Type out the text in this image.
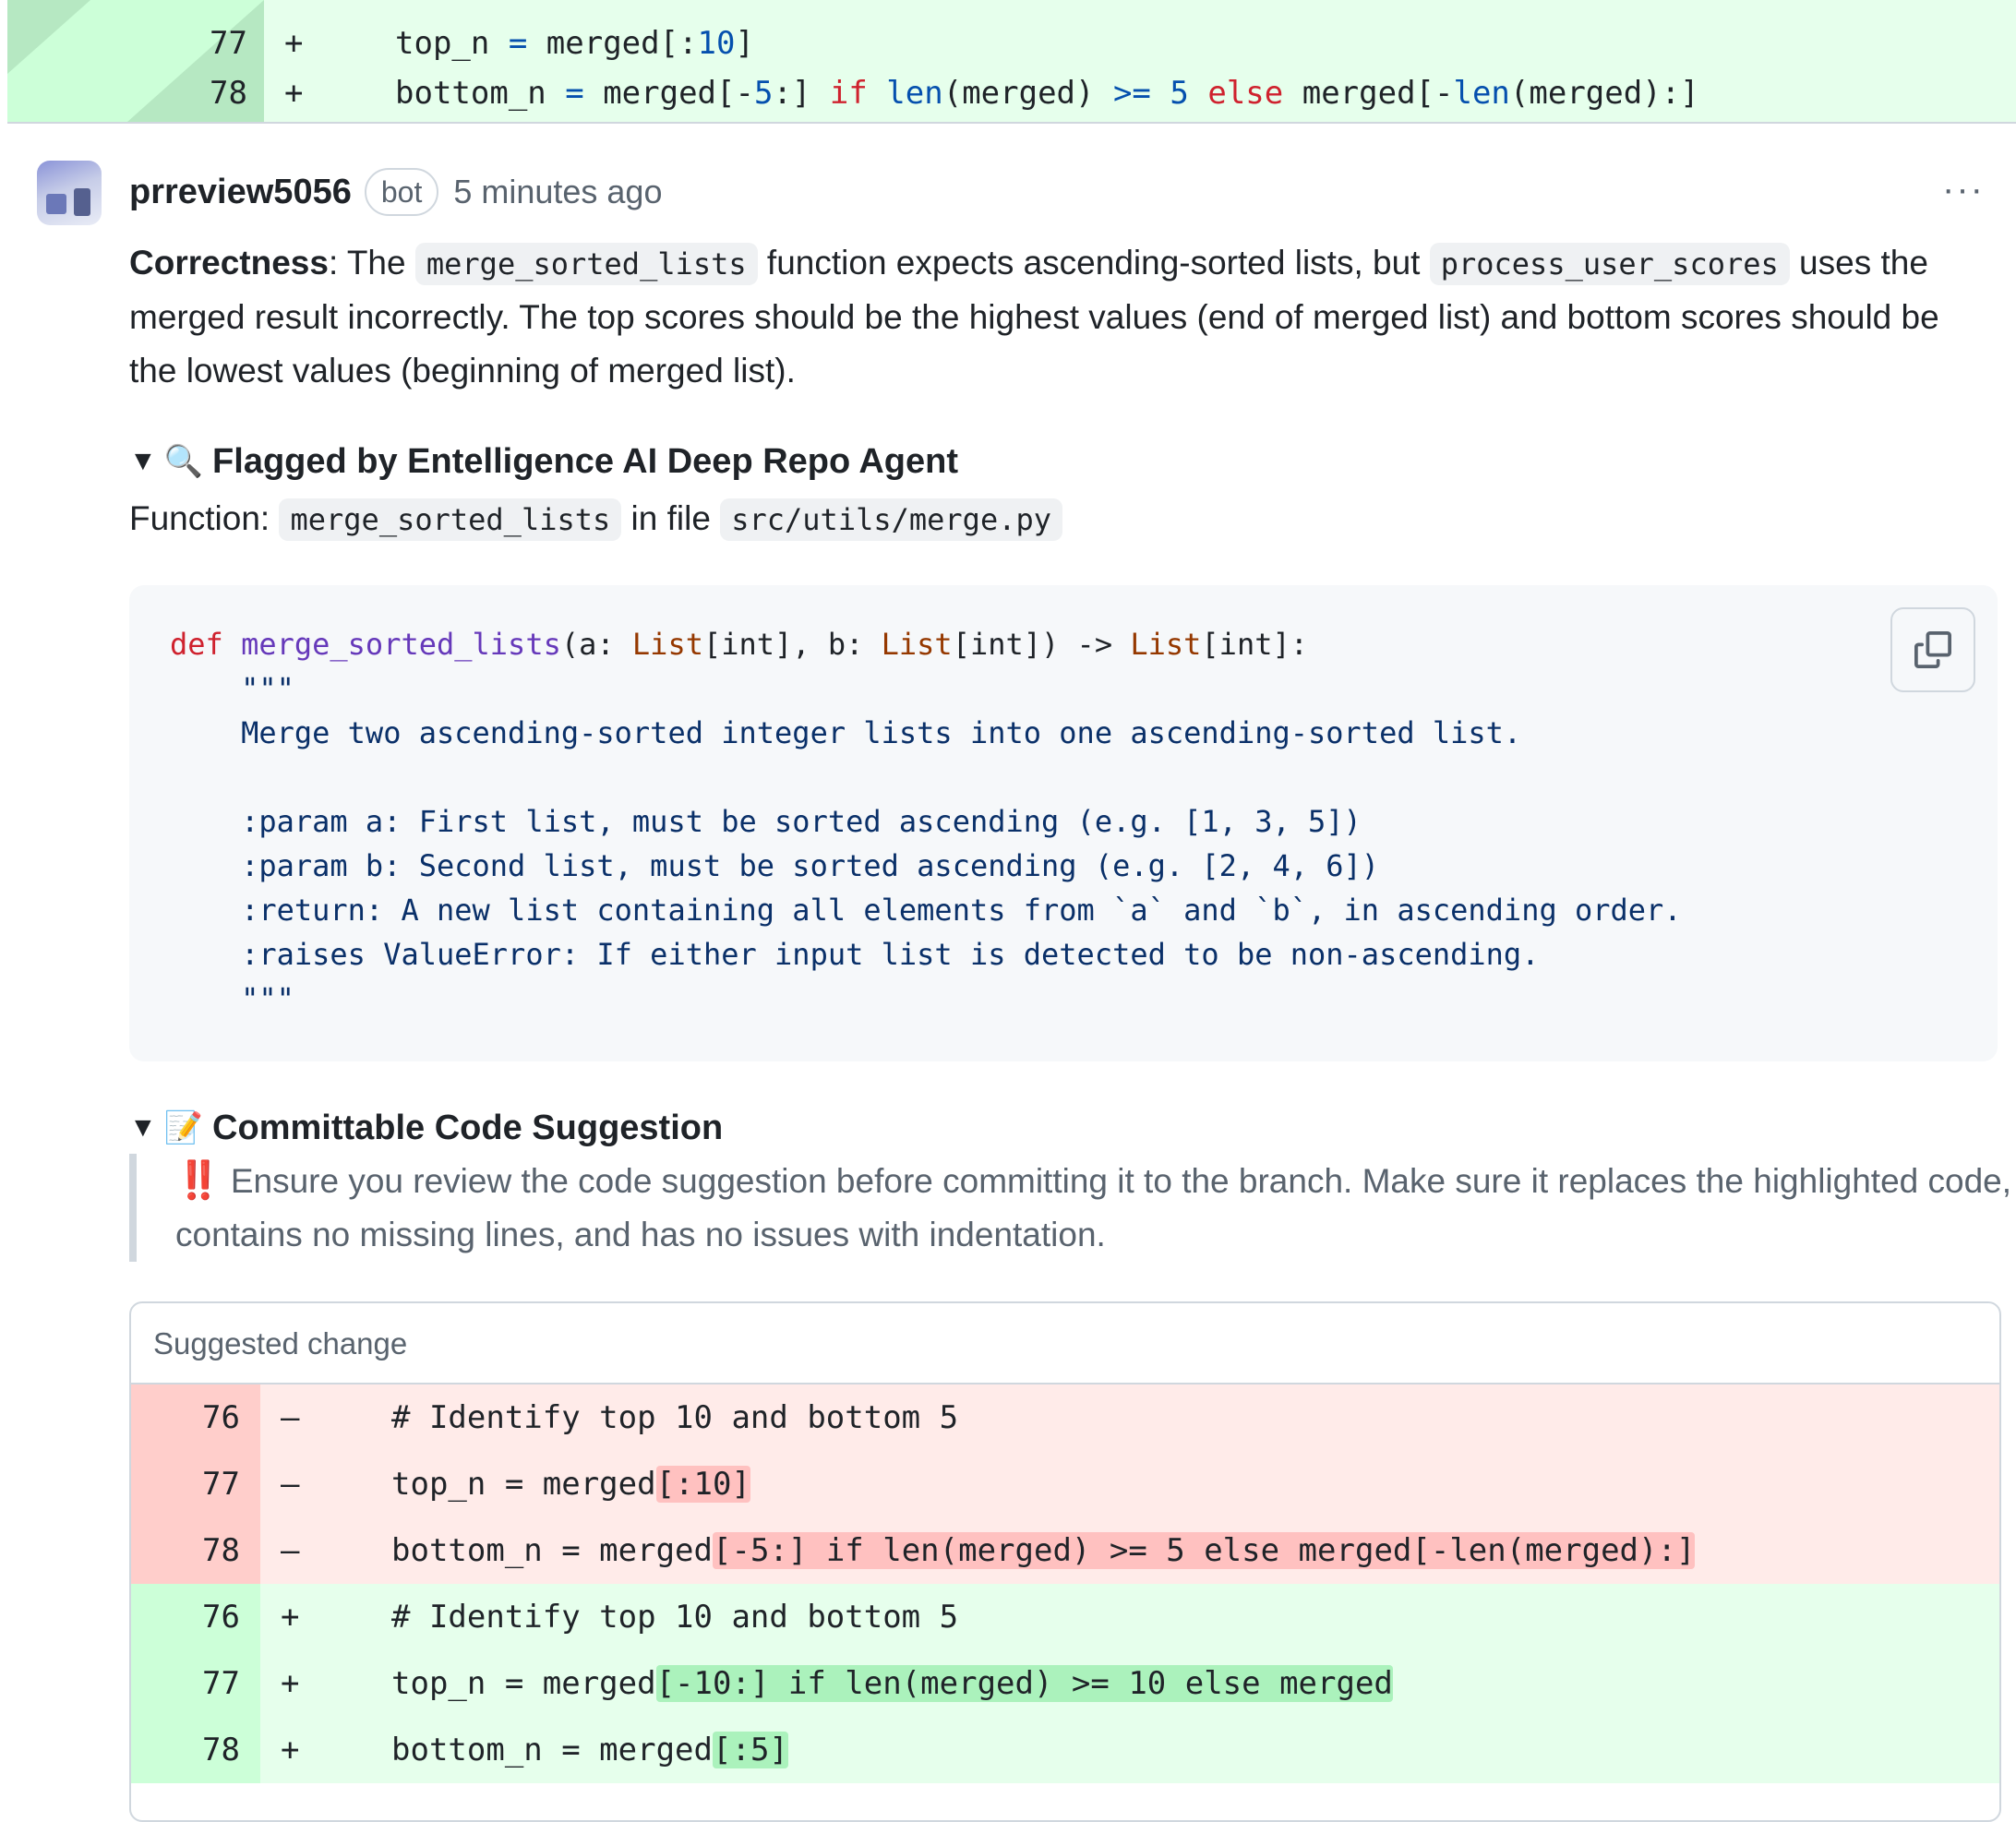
77 +	top_n = merged[:10]
78 +	bottom_n = merged[-5:] if len(merged) >= 5 else merged[-len(merged):]
prreview5056	bot 5 minutes ago	···
Correctness: The merge_sorted_lists function expects ascending-sorted lists, but process_user_scores uses the merged result incorrectly. The top scores should be the highest values (end of merged list) and bottom scores should be the lowest values (beginning of merged list).
▼ 🔍 Flagged by Entelligence AI Deep Repo Agent
Function: merge_sorted_lists in file src/utils/merge.py
def merge_sorted_lists(a: List[int], b: List[int]) -> List[int]:
"""
Merge two ascending-sorted integer lists into one ascending-sorted list.

:param a: First list, must be sorted ascending (e.g. [1, 3, 5])
:param b: Second list, must be sorted ascending (e.g. [2, 4, 6])
:return: A new list containing all elements from `a` and `b`, in ascending order.
:raises ValueError: If either input list is detected to be non-ascending.
"""
▼ 📝 Committable Code Suggestion
‼️ Ensure you review the code suggestion before committing it to the branch. Make sure it replaces the highlighted code, contains no missing lines, and has no issues with indentation.
Suggested change
76 –	# Identify top 10 and bottom 5
77 –	top_n = merged[:10]
78 –	bottom_n = merged[-5:] if len(merged) >= 5 else merged[-len(merged):]
76 +	# Identify top 10 and bottom 5
77 +	top_n = merged[-10:] if len(merged) >= 10 else merged
78 +	bottom_n = merged[:5]
